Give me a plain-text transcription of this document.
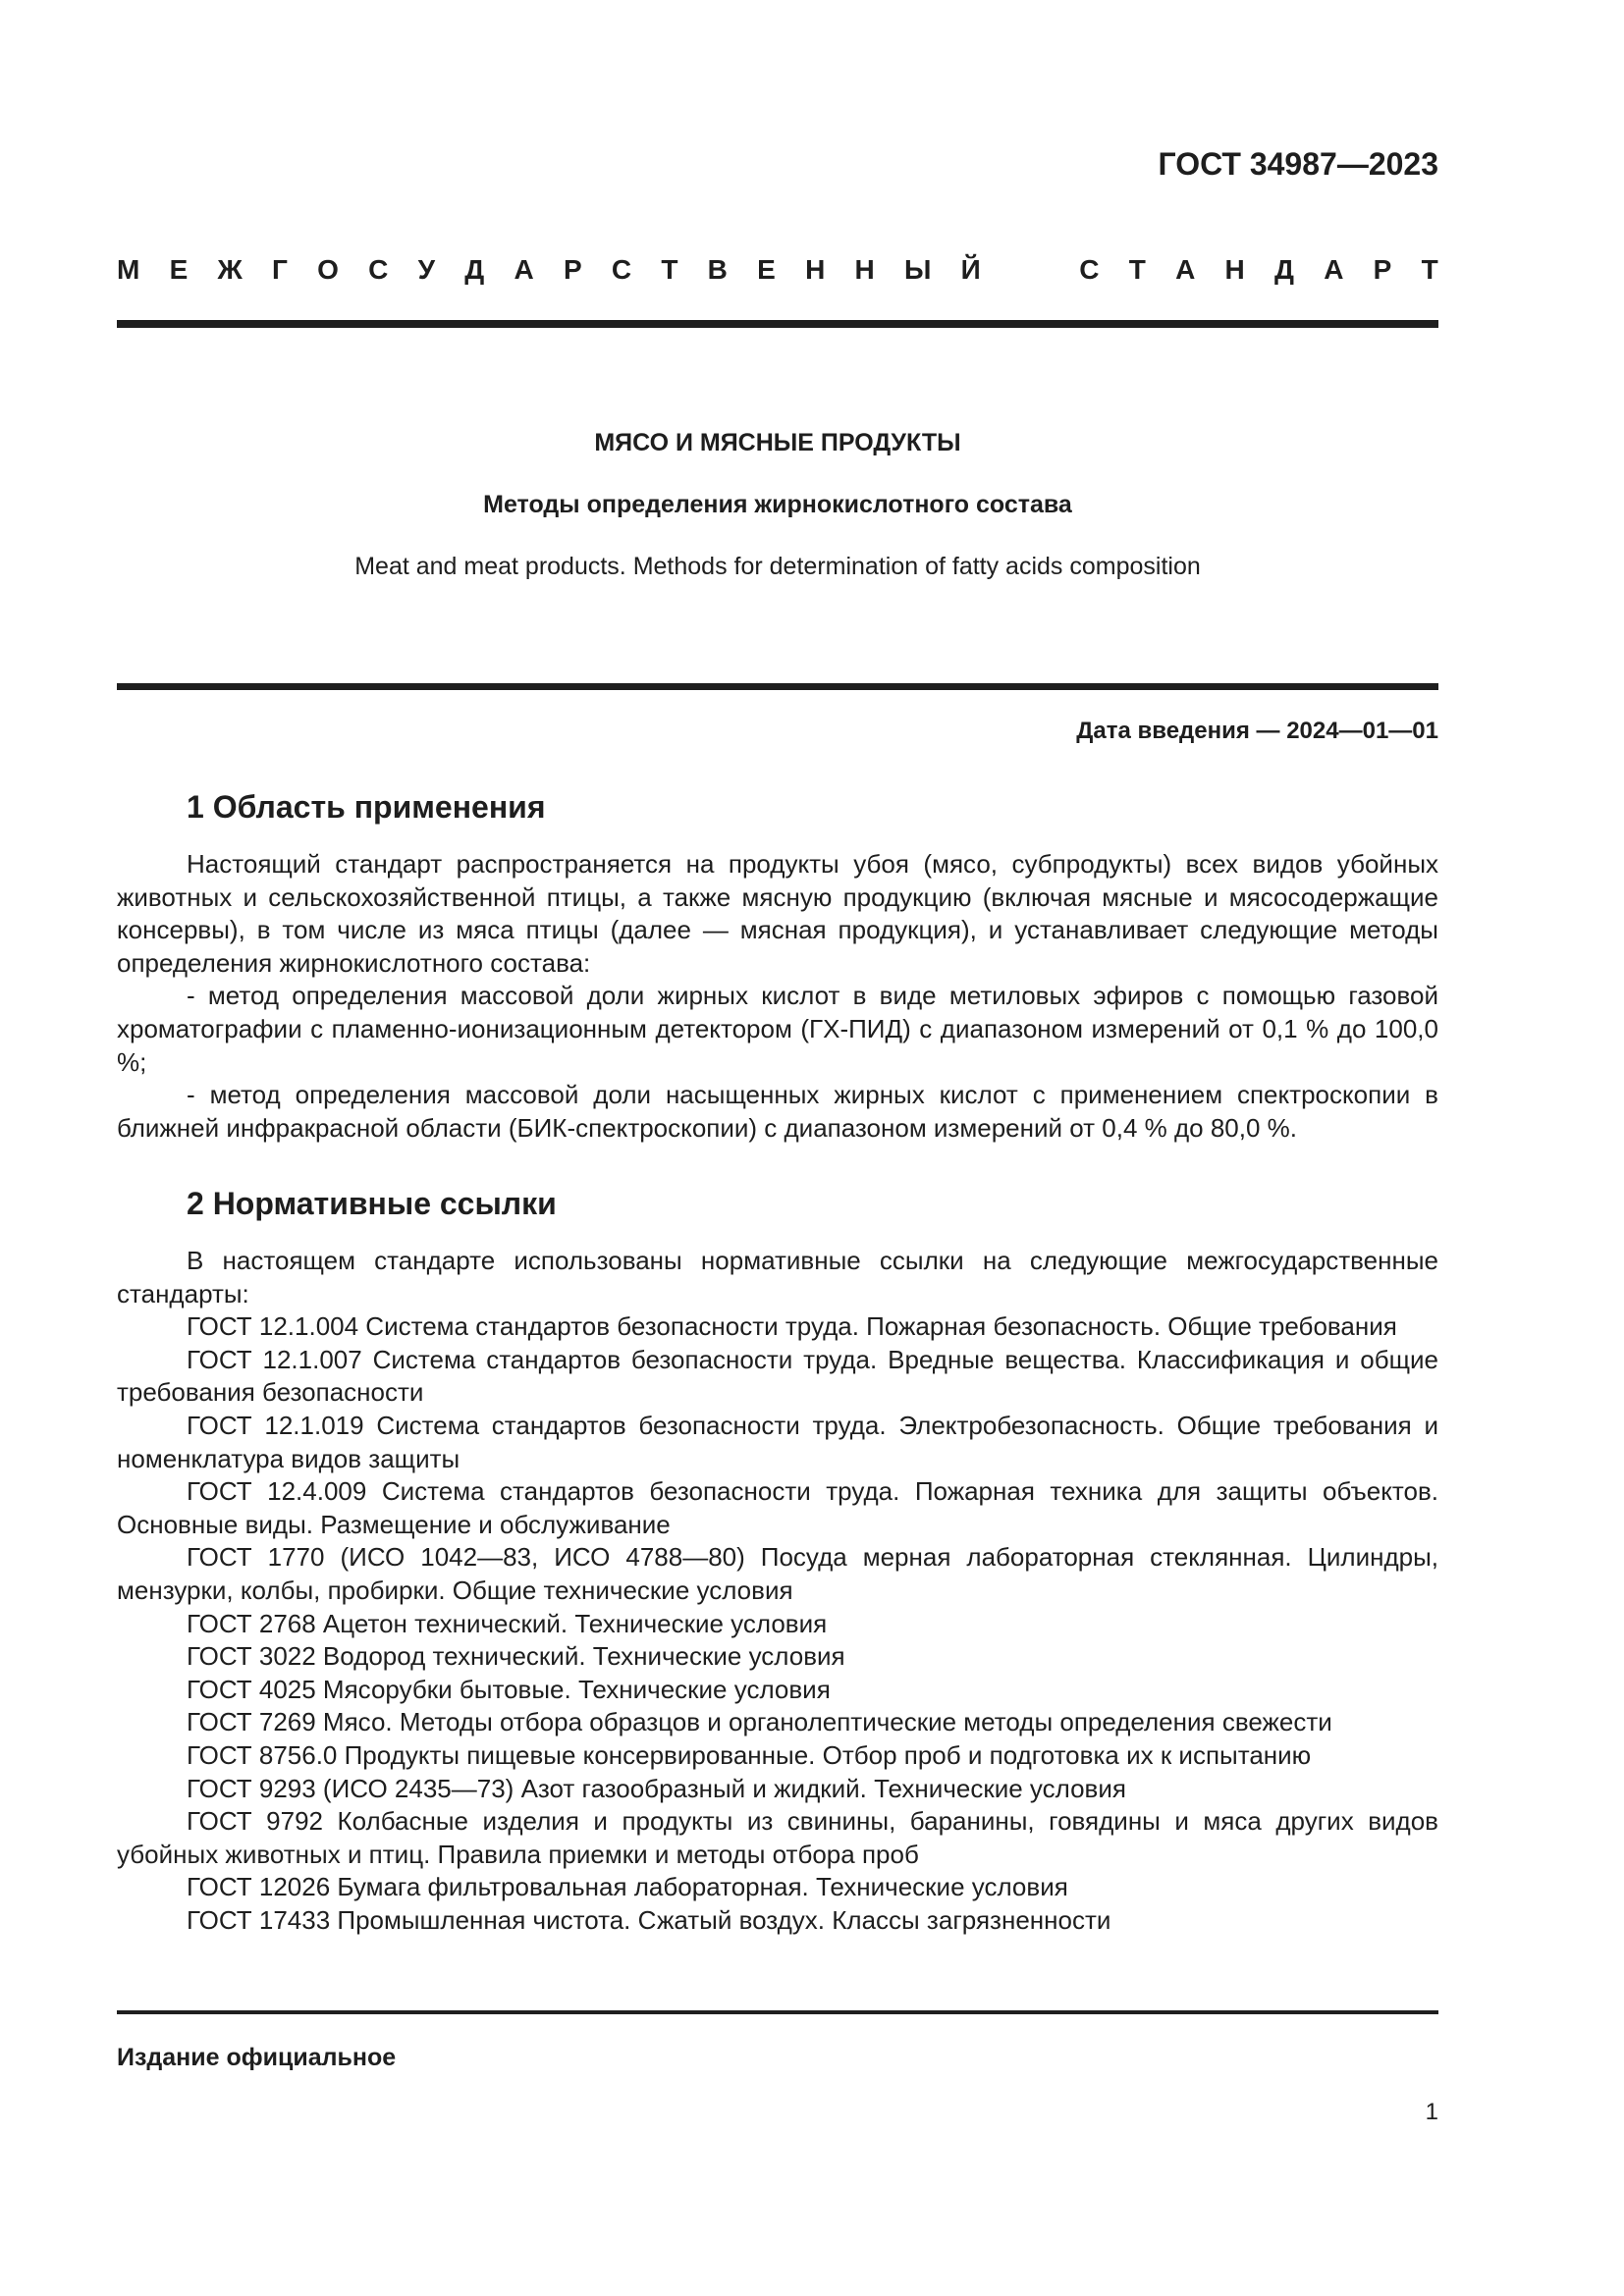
ГОСТ 34987—2023
М Е Ж Г О С У Д А Р С Т В Е Н Н Ы Й	С Т А Н Д А Р Т
МЯСО И МЯСНЫЕ ПРОДУКТЫ
Методы определения жирнокислотного состава
Meat and meat products. Methods for determination of fatty acids composition
Дата введения — 2024—01—01
1 Область применения

Настоящий стандарт распространяется на продукты убоя (мясо, субпродукты) всех видов убойных животных и сельскохозяйственной птицы, а также мясную продукцию (включая мясные и мясосодержащие консервы), в том числе из мяса птицы (далее — мясная продукция), и устанавливает следующие методы определения жирнокислотного состава:

- метод определения массовой доли жирных кислот в виде метиловых эфиров с помощью газовой хроматографии с пламенно-ионизационным детектором (ГХ-ПИД) с диапазоном измерений от 0,1 % до 100,0 %;

- метод определения массовой доли насыщенных жирных кислот с применением спектроскопии в ближней инфракрасной области (БИК-спектроскопии) с диапазоном измерений от 0,4 % до 80,0 %.

2 Нормативные ссылки

В настоящем стандарте использованы нормативные ссылки на следующие межгосударственные стандарты:

ГОСТ 12.1.004 Система стандартов безопасности труда. Пожарная безопасность. Общие требования

ГОСТ 12.1.007 Система стандартов безопасности труда. Вредные вещества. Классификация и общие требования безопасности

ГОСТ 12.1.019 Система стандартов безопасности труда. Электробезопасность. Общие требования и номенклатура видов защиты

ГОСТ 12.4.009 Система стандартов безопасности труда. Пожарная техника для защиты объектов. Основные виды. Размещение и обслуживание

ГОСТ 1770 (ИСО 1042—83, ИСО 4788—80) Посуда мерная лабораторная стеклянная. Цилиндры, мензурки, колбы, пробирки. Общие технические условия

ГОСТ 2768 Ацетон технический. Технические условия

ГОСТ 3022 Водород технический. Технические условия

ГОСТ 4025 Мясорубки бытовые. Технические условия

ГОСТ 7269 Мясо. Методы отбора образцов и органолептические методы определения свежести

ГОСТ 8756.0 Продукты пищевые консервированные. Отбор проб и подготовка их к испытанию

ГОСТ 9293 (ИСО 2435—73) Азот газообразный и жидкий. Технические условия

ГОСТ 9792 Колбасные изделия и продукты из свинины, баранины, говядины и мяса других видов убойных животных и птиц. Правила приемки и методы отбора проб

ГОСТ 12026 Бумага фильтровальная лабораторная. Технические условия

ГОСТ 17433 Промышленная чистота. Сжатый воздух. Классы загрязненности

Издание официальное
1
